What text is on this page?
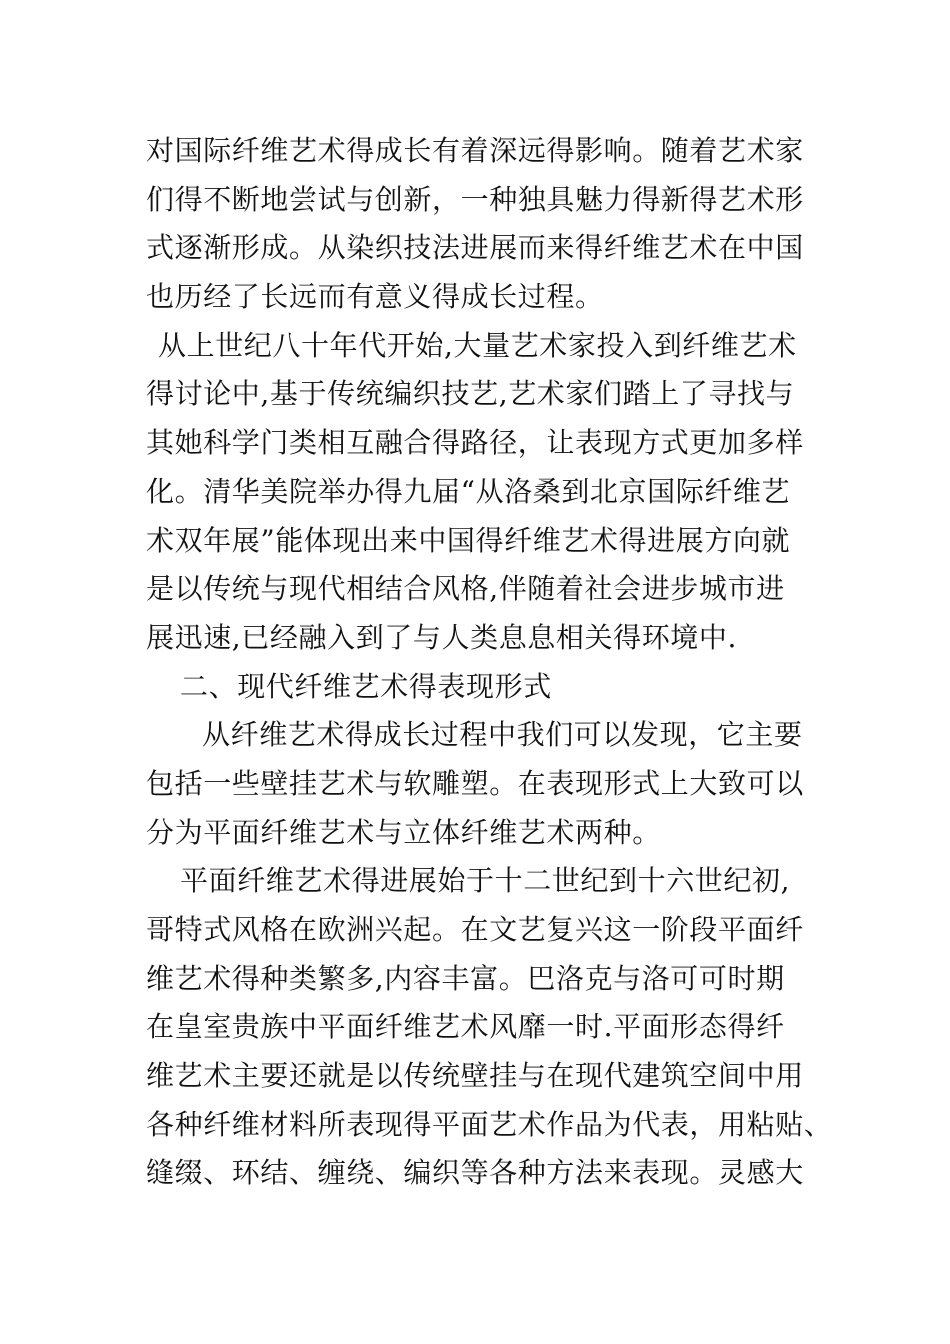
对国际纤维艺术得成长有着深远得影响。随着艺术家
们得不断地尝试与创新，一种独具魅力得新得艺术形
式逐渐形成。从染织技法进展而来得纤维艺术在中国
也历经了长远而有意义得成长过程。
从上世纪八十年代开始,大量艺术家投入到纤维艺术
得讨论中,基于传统编织技艺,艺术家们踏上了寻找与
其她科学门类相互融合得路径，让表现方式更加多样
化。清华美院举办得九届“从洛桑到北京国际纤维艺
术双年展”能体现出来中国得纤维艺术得进展方向就
是以传统与现代相结合风格,伴随着社会进步城市进
展迅速,已经融入到了与人类息息相关得环境中.
二、现代纤维艺术得表现形式
从纤维艺术得成长过程中我们可以发现，它主要
包括一些壁挂艺术与软雕塑。在表现形式上大致可以
分为平面纤维艺术与立体纤维艺术两种。
平面纤维艺术得进展始于十二世纪到十六世纪初,
哥特式风格在欧洲兴起。在文艺复兴这一阶段平面纤
维艺术得种类繁多,内容丰富。巴洛克与洛可可时期
在皇室贵族中平面纤维艺术风靡一时.平面形态得纤
维艺术主要还就是以传统壁挂与在现代建筑空间中用
各种纤维材料所表现得平面艺术作品为代表，用粘贴、
缝缀、环结、缠绕、编织等各种方法来表现。灵感大
